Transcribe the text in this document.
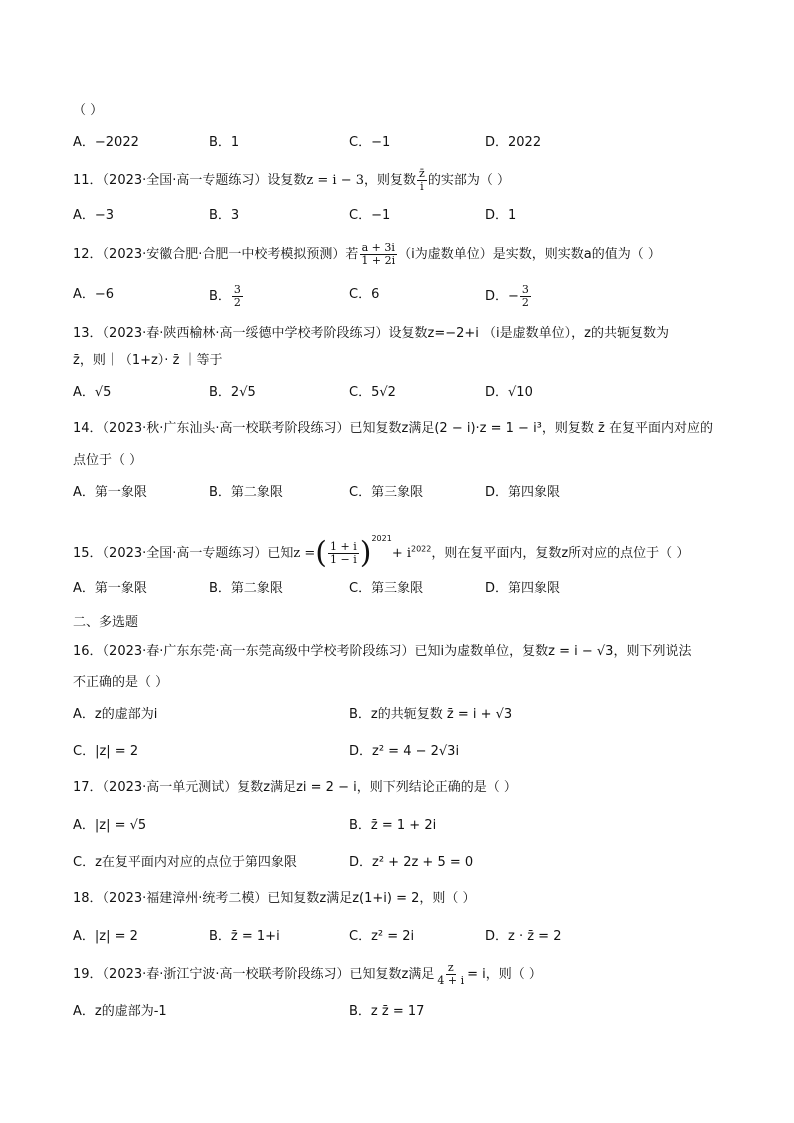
（ ）
A．−2022	B．1	C．−1	D．2022
11．（2023·全国·高一专题练习）设复数z = i − 3，则复数 $\frac{z̄}{i}$ 的实部为（ ）
A．−3	B．3	C．−1	D．1
12．（2023·安徽合肥·合肥一中校考模拟预测）若 $\frac{a + 3i}{1 + 2i} (i$为虚数单位）是实数，则实数a的值为（ ）
A．−6	B． $\frac{3}{2}$	C．6	D．− $\frac{3}{2}$
13．（2023·春·陕西榆林·高一绥德中学校考阶段练习）设复数z=−2+i （i是虚数单位），z的共轭复数为
z̄，则｜（1+z）· z̄ ｜等于
A．√5	B．2√5	C．5√2	D．√10
14．（2023·秋·广东汕头·高一校联考阶段练习）已知复数z满足(2 − i)·z = 1 − i³，则复数 z̄ 在复平面内对应的
点位于（ ）
A．第一象限	B．第二象限	C．第三象限	D．第四象限
15．（2023·全国·高一专题练习）已知z =( $\frac{1 + i}{1 - i} )^{2021}+ i^{2022}$，则在复平面内，复数z所对应的点位于（ ）
A．第一象限	B．第二象限	C．第三象限	D．第四象限
二、多选题
16．（2023·春·广东东莞·高一东莞高级中学校考阶段练习）已知i为虚数单位，复数z = i − √3，则下列说法
不正确的是（ ）
A．z的虚部为i	B．z的共轭复数 z̄ = i + √3
C．|z| = 2	D．z² = 4 − 2√3i
17．（2023·高一单元测试）复数z满足zi = 2 − i，则下列结论正确的是（ ）
A．|z| = √5	B．z̄ = 1 + 2i
C．z在复平面内对应的点位于第四象限	D．z² + 2z + 5 = 0
18．（2023·福建漳州·统考二模）已知复数z满足z(1+i) = 2，则（ ）
A．|z| = 2	B．z̄ = 1+i	C．z² = 2i	D．z · z̄ = 2
19．（2023·春·浙江宁波·高一校联考阶段练习）已知复数z满足 $\frac{z}{4 + i} = i$，则（ ）
A．z的虚部为-1	B．z z̄ = 17
